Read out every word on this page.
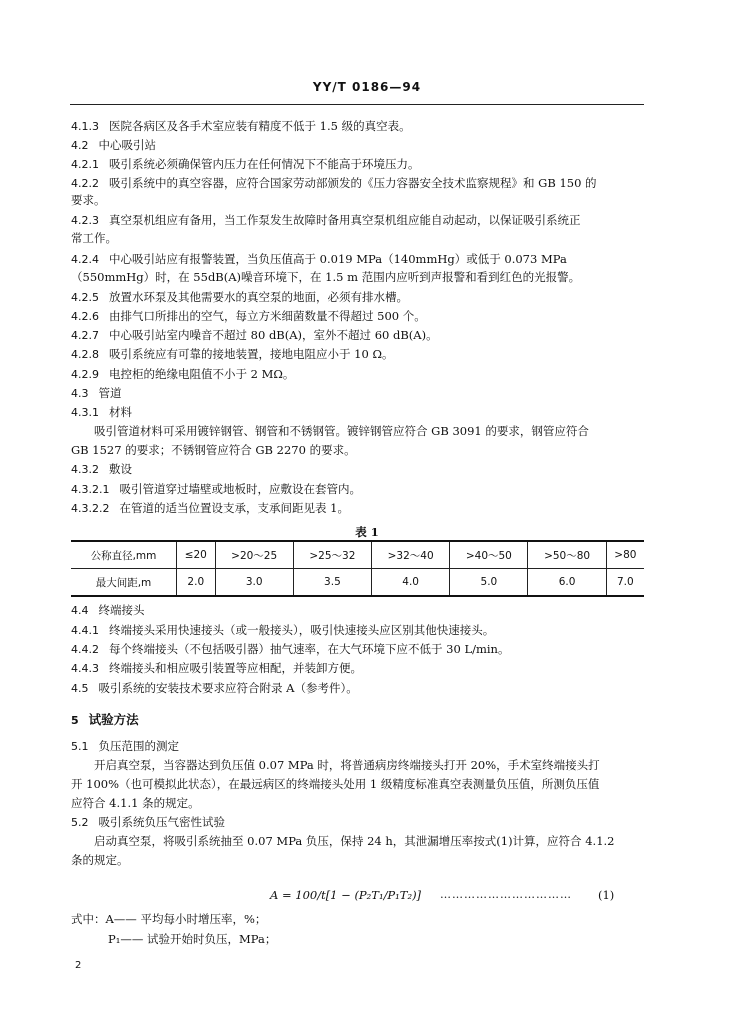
YY/T 0186—94
4.1.3 医院各病区及各手术室应装有精度不低于 1.5 级的真空表。
4.2 中心吸引站
4.2.1 吸引系统必须确保管内压力在任何情况下不能高于环境压力。
4.2.2 吸引系统中的真空容器，应符合国家劳动部颁发的《压力容器安全技术监察规程》和 GB 150 的
要求。
4.2.3 真空泵机组应有备用，当工作泵发生故障时备用真空泵机组应能自动起动，以保证吸引系统正
常工作。
4.2.4 中心吸引站应有报警装置，当负压值高于 0.019 MPa（140mmHg）或低于 0.073 MPa
（550mmHg）时，在 55dB(A)噪音环境下，在 1.5 m 范围内应听到声报警和看到红色的光报警。
4.2.5 放置水环泵及其他需要水的真空泵的地面，必须有排水槽。
4.2.6 由排气口所排出的空气，每立方米细菌数量不得超过 500 个。
4.2.7 中心吸引站室内噪音不超过 80 dB(A)，室外不超过 60 dB(A)。
4.2.8 吸引系统应有可靠的接地装置，接地电阻应小于 10 Ω。
4.2.9 电控柜的绝缘电阻值不小于 2 MΩ。
4.3 管道
4.3.1 材料
吸引管道材料可采用镀锌钢管、钢管和不锈钢管。镀锌钢管应符合 GB 3091 的要求，钢管应符合
GB 1527 的要求；不锈钢管应符合 GB 2270 的要求。
4.3.2 敷设
4.3.2.1 吸引管道穿过墙壁或地板时，应敷设在套管内。
4.3.2.2 在管道的适当位置设支承，支承间距见表 1。
表 1
公称直径,mm	≤20	>20～25	>25～32	>32～40	>40～50	>50～80	>80
最大间距,m	2.0	3.0	3.5	4.0	5.0	6.0	7.0
4.4 终端接头
4.4.1 终端接头采用快速接头（或一般接头），吸引快速接头应区别其他快速接头。
4.4.2 每个终端接头（不包括吸引器）抽气速率，在大气环境下应不低于 30 L/min。
4.4.3 终端接头和相应吸引装置等应相配，并装卸方便。
4.5 吸引系统的安装技术要求应符合附录 A（参考件）。
5 试验方法
5.1 负压范围的测定
开启真空泵，当容器达到负压值 0.07 MPa 时，将普通病房终端接头打开 20%，手术室终端接头打
开 100%（也可模拟此状态），在最远病区的终端接头处用 1 级精度标准真空表测量负压值，所测负压值
应符合 4.1.1 条的规定。
5.2 吸引系统负压气密性试验
启动真空泵，将吸引系统抽至 0.07 MPa 负压，保持 24 h，其泄漏增压率按式(1)计算，应符合 4.1.2
条的规定。
A = 100/t[1 − (P₂T₁/P₁T₂)] …………………………… (1)
式中：A—— 平均每小时增压率，%；
P₁—— 试验开始时负压，MPa；
2
